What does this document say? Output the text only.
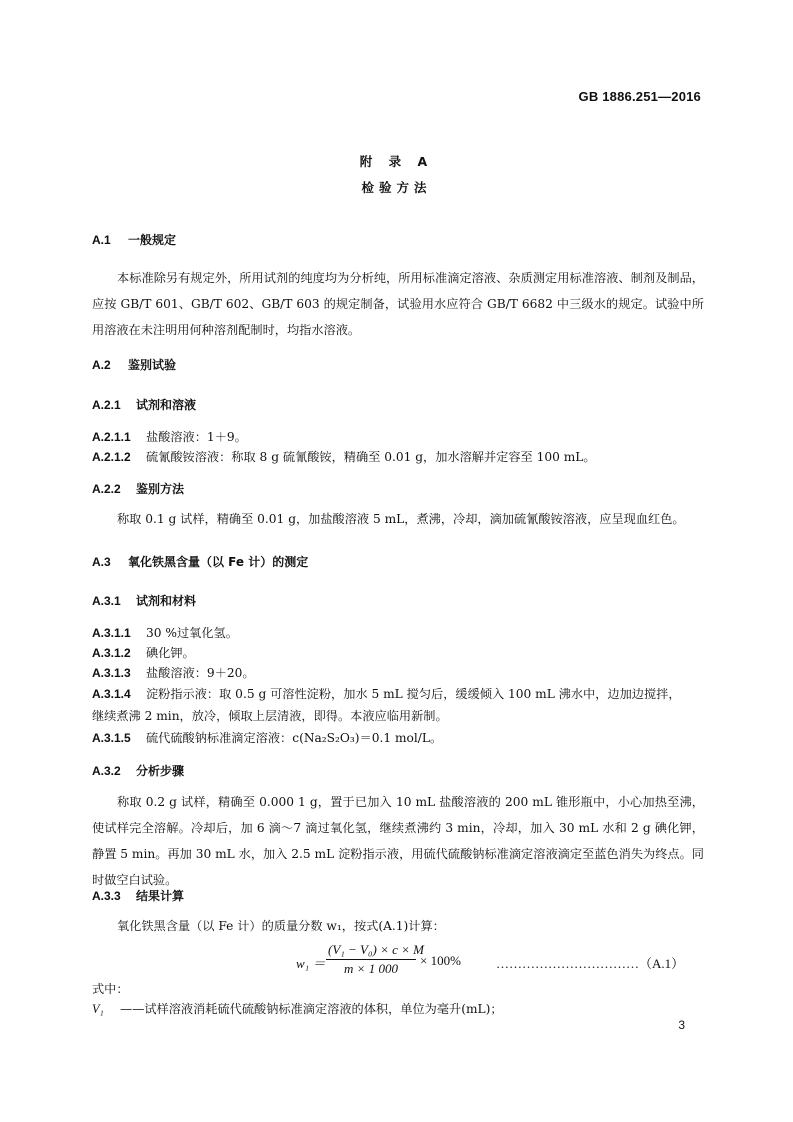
GB 1886.251—2016
附 录 A
检验方法
A.1 一般规定
本标准除另有规定外，所用试剂的纯度均为分析纯，所用标准滴定溶液、杂质测定用标准溶液、制剂及制品，应按 GB/T 601、GB/T 602、GB/T 603 的规定制备，试验用水应符合 GB/T 6682 中三级水的规定。试验中所用溶液在未注明用何种溶剂配制时，均指水溶液。
A.2 鉴别试验
A.2.1 试剂和溶液
A.2.1.1 盐酸溶液：1＋9。
A.2.1.2 硫氰酸铵溶液：称取 8 g 硫氰酸铵，精确至 0.01 g，加水溶解并定容至 100 mL。
A.2.2 鉴别方法
称取 0.1 g 试样，精确至 0.01 g，加盐酸溶液 5 mL，煮沸，冷却，滴加硫氰酸铵溶液，应呈现血红色。
A.3 氧化铁黑含量（以 Fe 计）的测定
A.3.1 试剂和材料
A.3.1.1 30 %过氧化氢。
A.3.1.2 碘化钾。
A.3.1.3 盐酸溶液：9＋20。
A.3.1.4 淀粉指示液：取 0.5 g 可溶性淀粉，加水 5 mL 搅匀后，缓缓倾入 100 mL 沸水中，边加边搅拌，
继续煮沸 2 min，放冷，倾取上层清液，即得。本液应临用新制。
A.3.1.5 硫代硫酸钠标准滴定溶液：c(Na₂S₂O₃)＝0.1 mol/L。
A.3.2 分析步骤
称取 0.2 g 试样，精确至 0.000 1 g，置于已加入 10 mL 盐酸溶液的 200 mL 锥形瓶中，小心加热至沸，使试样完全溶解。冷却后，加 6 滴～7 滴过氧化氢，继续煮沸约 3 min，冷却，加入 30 mL 水和 2 g 碘化钾，静置 5 min。再加 30 mL 水，加入 2.5 mL 淀粉指示液，用硫代硫酸钠标准滴定溶液滴定至蓝色消失为终点。同时做空白试验。
A.3.3 结果计算
氧化铁黑含量（以 Fe 计）的质量分数 w₁，按式(A.1)计算：
$w_1 = \frac{\text{(V₁ − V₀) × c × M}}{m \times 1 000} \times 100\%$	……………………………（A.1）
式中：
V₁ ——试样溶液消耗硫代硫酸钠标准滴定溶液的体积，单位为毫升(mL)；
3
